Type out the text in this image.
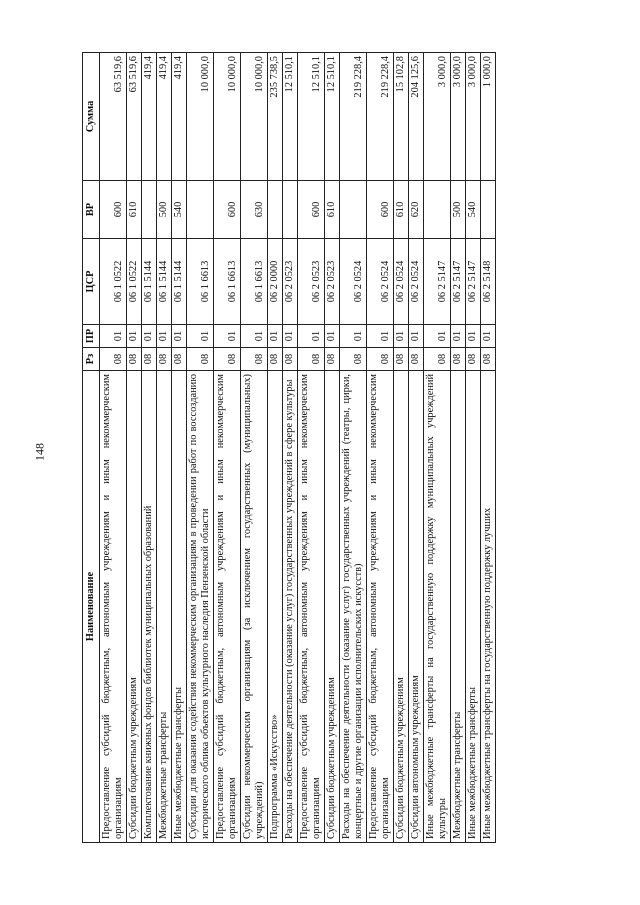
148
Наименование	Рз	ПР	ЦСР	ВР	Сумма
Предоставление субсидий бюджетным, автономным учреждениям и иным некоммерческим организациям	08	01	06 1 0522	600	63 519,6
Субсидии бюджетным учреждениям	08	01	06 1 0522	610	63 519,6
Комплектование книжных фондов библиотек муниципальных образований	08	01	06 1 5144		419,4
Межбюджетные трансферты	08	01	06 1 5144	500	419,4
Иные межбюджетные трансферты	08	01	06 1 5144	540	419,4
Субсидии для оказания содействия некоммерческим организациям в проведении работ по воссозданию исторического облика объектов культурного наследия Пензенской области	08	01	06 1 6613		10 000,0
Предоставление субсидий бюджетным, автономным учреждениям и иным некоммерческим организациям	08	01	06 1 6613	600	10 000,0
Субсидии некоммерческим организациям (за исключением государственных (муниципальных) учреждений)	08	01	06 1 6613	630	10 000,0
Подпрограмма «Искусство»	08	01	06 2 0000		235 738,5
Расходы на обеспечение деятельности (оказание услуг) государственных учреждений в сфере культуры	08	01	06 2 0523		12 510,1
Предоставление субсидий бюджетным, автономным учреждениям и иным некоммерческим организациям	08	01	06 2 0523	600	12 510,1
Субсидии бюджетным учреждениям	08	01	06 2 0523	610	12 510,1
Расходы на обеспечение деятельности (оказание услуг) государственных учреждений (театры, цирки, концертные и другие организации исполнительских искусств)	08	01	06 2 0524		219 228,4
Предоставление субсидий бюджетным, автономным учреждениям и иным некоммерческим организациям	08	01	06 2 0524	600	219 228,4
Субсидии бюджетным учреждениям	08	01	06 2 0524	610	15 102,8
Субсидии автономным учреждениям	08	01	06 2 0524	620	204 125,6
Иные межбюджетные трансферты на государственную поддержку муниципальных учреждений культуры	08	01	06 2 5147		3 000,0
Межбюджетные трансферты	08	01	06 2 5147	500	3 000,0
Иные межбюджетные трансферты	08	01	06 2 5147	540	3 000,0
Иные межбюджетные трансферты на государственную поддержку лучших	08	01	06 2 5148		1 000,0
